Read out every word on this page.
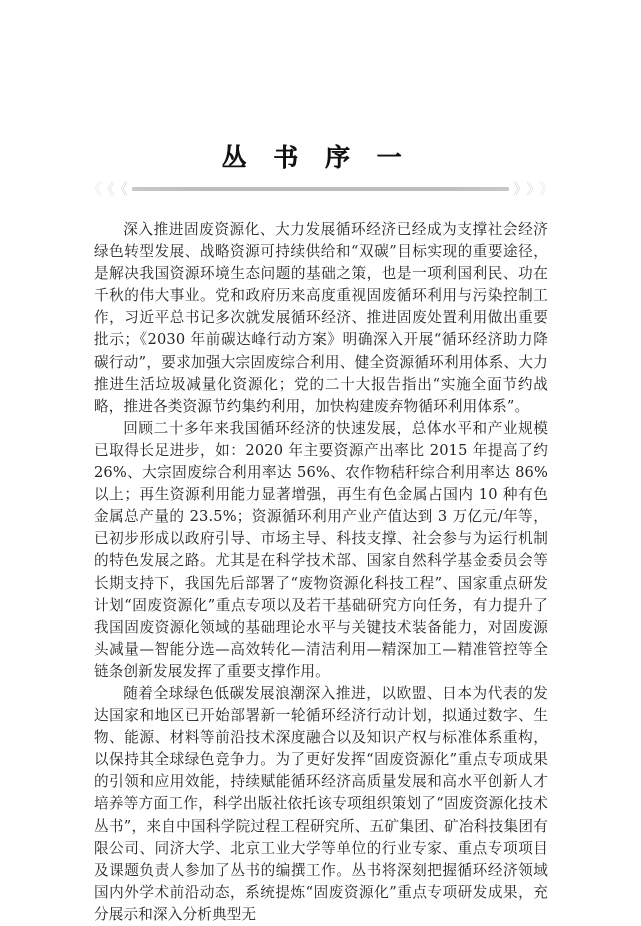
丛 书 序 一
《
《
《	》
》
》

深入推进固废资源化、大力发展循环经济已经成为支撑社会经济绿色转型发展、战略资源可持续供给和“双碳”目标实现的重要途径，是解决我国资源环境生态问题的基础之策，也是一项利国利民、功在千秋的伟大事业。党和政府历来高度重视固废循环利用与污染控制工作，习近平总书记多次就发展循环经济、推进固废处置利用做出重要批示；《2030 年前碳达峰行动方案》明确深入开展“循环经济助力降碳行动”，要求加强大宗固废综合利用、健全资源循环利用体系、大力推进生活垃圾减量化资源化；党的二十大报告指出“实施全面节约战略，推进各类资源节约集约利用，加快构建废弃物循环利用体系”。

回顾二十多年来我国循环经济的快速发展，总体水平和产业规模已取得长足进步，如：2020 年主要资源产出率比 2015 年提高了约 26%、大宗固废综合利用率达 56%、农作物秸秆综合利用率达 86%以上；再生资源利用能力显著增强，再生有色金属占国内 10 种有色金属总产量的 23.5%；资源循环利用产业产值达到 3 万亿元/年等，已初步形成以政府引导、市场主导、科技支撑、社会参与为运行机制的特色发展之路。尤其是在科学技术部、国家自然科学基金委员会等长期支持下，我国先后部署了“废物资源化科技工程”、国家重点研发计划“固废资源化”重点专项以及若干基础研究方向任务，有力提升了我国固废资源化领域的基础理论水平与关键技术装备能力，对固废源头减量—智能分选—高效转化—清洁利用—精深加工—精准管控等全链条创新发展发挥了重要支撑作用。

随着全球绿色低碳发展浪潮深入推进，以欧盟、日本为代表的发达国家和地区已开始部署新一轮循环经济行动计划，拟通过数字、生物、能源、材料等前沿技术深度融合以及知识产权与标准体系重构，以保持其全球绿色竞争力。为了更好发挥“固废资源化”重点专项成果的引领和应用效能，持续赋能循环经济高质量发展和高水平创新人才培养等方面工作，科学出版社依托该专项组织策划了“固废资源化技术丛书”，来自中国科学院过程工程研究所、五矿集团、矿冶科技集团有限公司、同济大学、北京工业大学等单位的行业专家、重点专项项目及课题负责人参加了丛书的编撰工作。丛书将深刻把握循环经济领域国内外学术前沿动态，系统提炼“固废资源化”重点专项研发成果，充分展示和深入分析典型无
